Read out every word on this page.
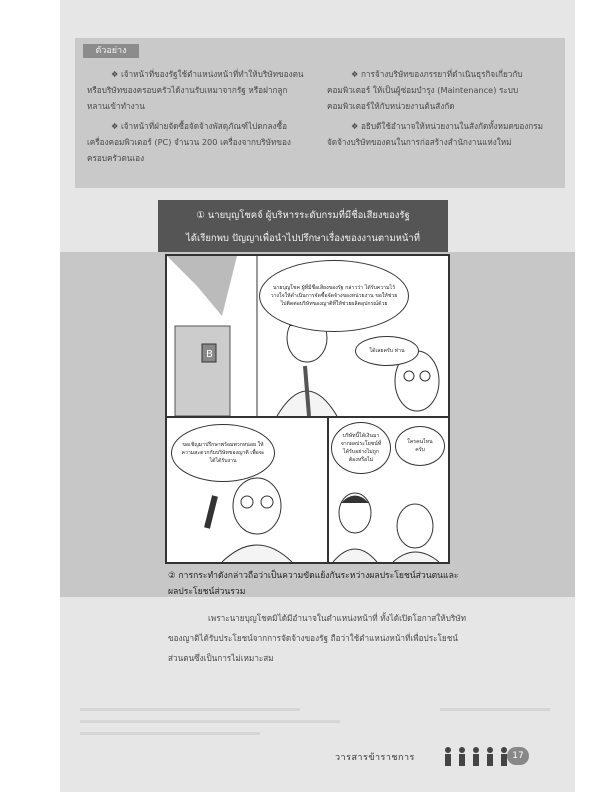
ตัวอย่าง

❖ เจ้าหน้าที่ของรัฐใช้ตำแหน่งหน้าที่ทำให้บริษัทของตนหรือบริษัทของครอบครัวได้งานรับเหมาจากรัฐ หรือฝากลูกหลานเข้าทำงาน

❖ เจ้าหน้าที่ฝ่ายจัดซื้อจัดจ้างพัสดุภัณฑ์ไปตกลงซื้อเครื่องคอมพิวเตอร์ (PC) จำนวน 200 เครื่องจากบริษัทของครอบครัวตนเอง

❖ การจ้างบริษัทของภรรยาที่ดำเนินธุรกิจเกี่ยวกับคอมพิวเตอร์ ให้เป็นผู้ซ่อมบำรุง (Maintenance) ระบบคอมพิวเตอร์ให้กับหน่วยงานต้นสังกัด

❖ อธิบดีใช้อำนาจให้หน่วยงานในสังกัดทั้งหมดของกรมจัดจ้างบริษัทของตนในการก่อสร้างสำนักงานแห่งใหม่

① นายบุญโชคจ์ ผู้บริหารระดับกรมที่มีชื่อเสียงของรัฐ
ได้เรียกพบ ปัญญาเพื่อนำไปปรึกษาเรื่องของงานตามหน้าที่
B
นายบุญโชค ผู้ที่มีชื่อเสียงของรัฐ กล่าวว่า ได้รับความไว้วางใจให้ดำเนินการจัดซื้อจัดจ้างของหน่วยงาน ขอให้ช่วยไปติดต่อบริษัทของญาติที่ให้ช่วยผลิตอุปกรณ์ด้วย
ได้เลยครับ ท่าน
ขอเชิญมาปรึกษาพร้อมพวกหน่อย ให้ความสะดวกกับบริษัทของญาติ เพื่อจะได้ได้รับงาน
บริษัทนี้ได้เงินมาจากผลประโยชน์ที่ได้รับอย่างไม่ถูกต้องหรือไม่
ใครคนไหน ครับ
② การกระทำดังกล่าวถือว่าเป็นความขัดแย้งกันระหว่างผลประโยชน์ส่วนตนและผลประโยชน์ส่วนรวม
เพราะนายบุญโชคมิได้มีอำนาจในตำแหน่งหน้าที่ ทั้งได้เปิดโอกาสให้บริษัทของญาติได้รับประโยชน์จากการจัดจ้างของรัฐ ถือว่าใช้ตำแหน่งหน้าที่เพื่อประโยชน์ส่วนตนซึ่งเป็นการไม่เหมาะสม
วารสารข้าราชการ	17
